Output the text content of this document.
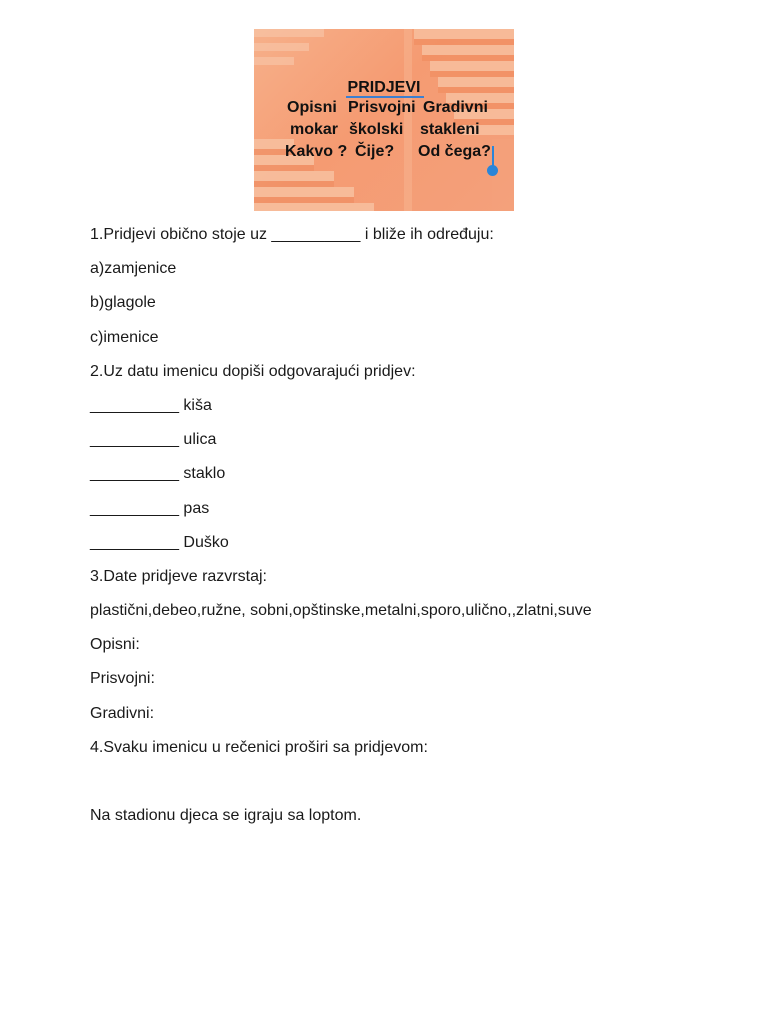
PRIDJEVI
Opisni Prisvojni Gradivni
mokar školski stakleni
Kakvo ? Čije? Od čega?
1.Pridjevi obično stoje uz __________ i bliže ih određuju:
a)zamjenice
b)glagole
c)imenice
2.Uz datu imenicu dopiši odgovarajući pridjev:
__________ kiša
__________ ulica
__________ staklo
__________ pas
__________ Duško
3.Date pridjeve razvrstaj:
plastični,debeo,ružne, sobni,opštinske,metalni,sporo,ulično,,zlatni,suve
Opisni:
Prisvojni:
Gradivni:
4.Svaku imenicu u rečenici proširi sa pridjevom:
Na stadionu djeca se igraju sa loptom.
